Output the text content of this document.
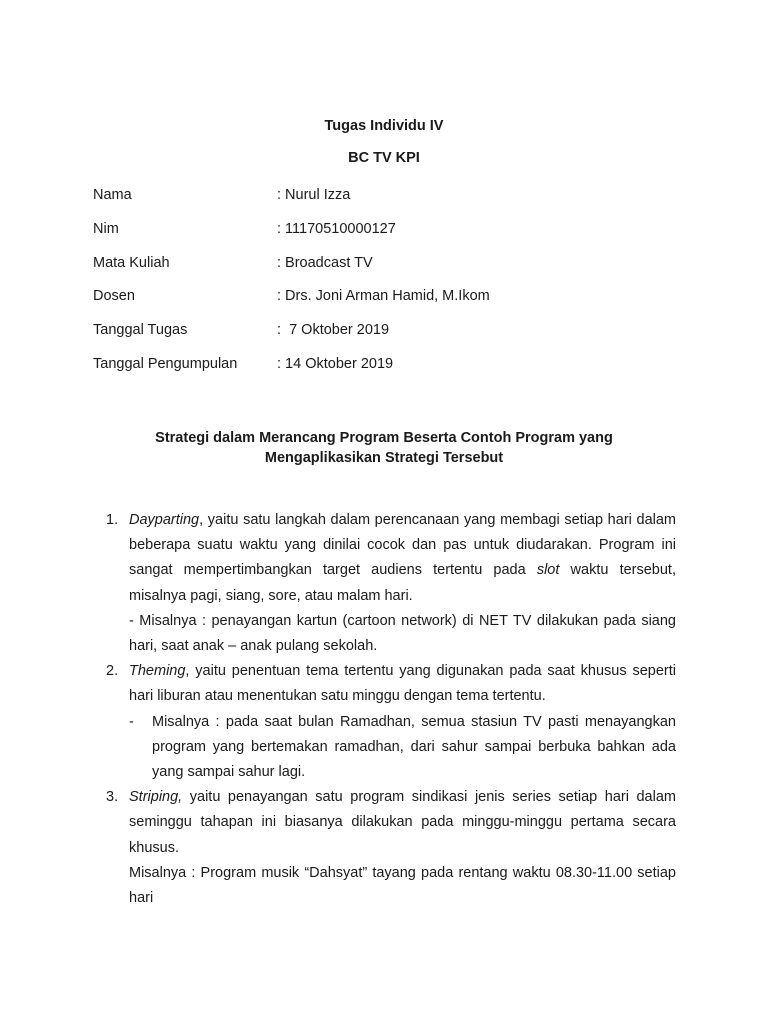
Tugas Individu IV
BC TV KPI
Nama	: Nurul Izza
Nim	: 11170510000127
Mata Kuliah	: Broadcast TV
Dosen	: Drs. Joni Arman Hamid, M.Ikom
Tanggal Tugas	:  7 Oktober 2019
Tanggal Pengumpulan	: 14 Oktober 2019
Strategi dalam Merancang Program Beserta Contoh Program yang
Mengaplikasikan Strategi Tersebut
1. Dayparting, yaitu satu langkah dalam perencanaan yang membagi setiap hari dalam beberapa suatu waktu yang dinilai cocok dan pas untuk diudarakan. Program ini sangat mempertimbangkan target audiens tertentu pada slot waktu tersebut, misalnya pagi, siang, sore, atau malam hari.
- Misalnya : penayangan kartun (cartoon network) di NET TV dilakukan pada siang hari, saat anak – anak pulang sekolah.
2. Theming, yaitu penentuan tema tertentu yang digunakan pada saat khusus seperti hari liburan atau menentukan satu minggu dengan tema tertentu.
- Misalnya : pada saat bulan Ramadhan, semua stasiun TV pasti menayangkan program yang bertemakan ramadhan, dari sahur sampai berbuka bahkan ada yang sampai sahur lagi.
3. Striping, yaitu penayangan satu program sindikasi jenis series setiap hari dalam seminggu tahapan ini biasanya dilakukan pada minggu-minggu pertama secara khusus.
Misalnya : Program musik “Dahsyat” tayang pada rentang waktu 08.30-11.00 setiap hari
